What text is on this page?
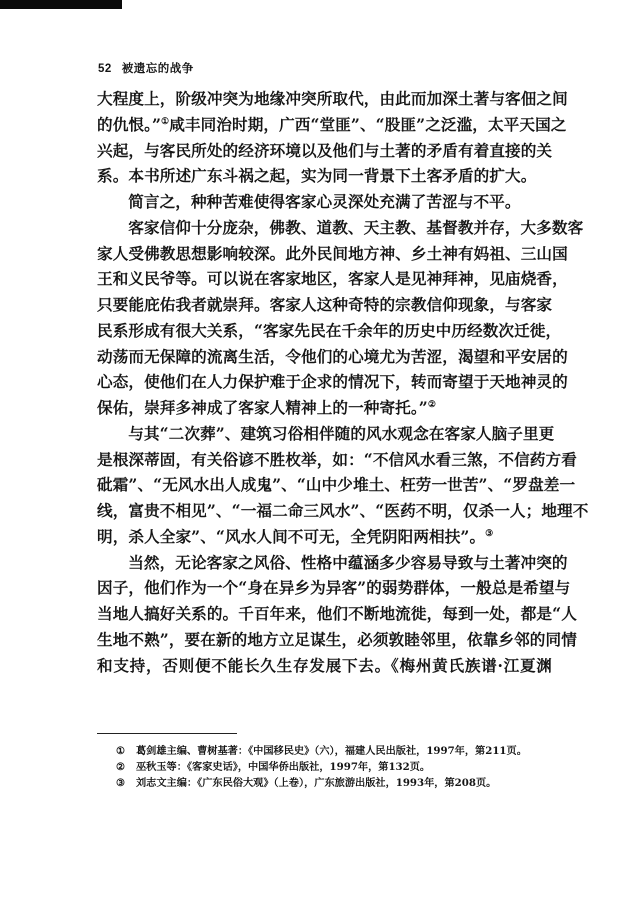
52 被遗忘的战争

大程度上，阶级冲突为地缘冲突所取代，由此而加深土著与客佃之间
的仇恨。”①咸丰同治时期，广西“堂匪”、“股匪”之泛滥，太平天国之
兴起，与客民所处的经济环境以及他们与土著的矛盾有着直接的关
系。本书所述广东斗祸之起，实为同一背景下土客矛盾的扩大。

简言之，种种苦难使得客家心灵深处充满了苦涩与不平。

客家信仰十分庞杂，佛教、道教、天主教、基督教并存，大多数客
家人受佛教思想影响较深。此外民间地方神、乡土神有妈祖、三山国
王和义民爷等。可以说在客家地区，客家人是见神拜神，见庙烧香，
只要能庇佑我者就崇拜。客家人这种奇特的宗教信仰现象，与客家
民系形成有很大关系，“客家先民在千余年的历史中历经数次迁徙，
动荡而无保障的流离生活，令他们的心境尤为苦涩，渴望和平安居的
心态，使他们在人力保护难于企求的情况下，转而寄望于天地神灵的
保佑，崇拜多神成了客家人精神上的一种寄托。”②

与其“二次葬”、建筑习俗相伴随的风水观念在客家人脑子里更
是根深蒂固，有关俗谚不胜枚举，如：“不信风水看三煞，不信药方看
砒霜”、“无风水出人成鬼”、“山中少堆土、枉劳一世苦”、“罗盘差一
线，富贵不相见”、“一福二命三风水”、“医药不明，仅杀一人；地理不
明，杀人全家”、“风水人间不可无，全凭阴阳两相扶”。③

当然，无论客家之风俗、性格中蕴涵多少容易导致与土著冲突的
因子，他们作为一个“身在异乡为异客”的弱势群体，一般总是希望与
当地人搞好关系的。千百年来，他们不断地流徙，每到一处，都是“人
生地不熟”，要在新的地方立足谋生，必须敦睦邻里，依靠乡邻的同情
和支持，否则便不能长久生存发展下去。《梅州黄氏族谱·江夏渊

① 葛剑雄主编、曹树基著：《中国移民史》（六），福建人民出版社，1997年，第211页。
② 巫秋玉等：《客家史话》，中国华侨出版社，1997年，第132页。
③ 刘志文主编：《广东民俗大观》（上卷），广东旅游出版社，1993年，第208页。
